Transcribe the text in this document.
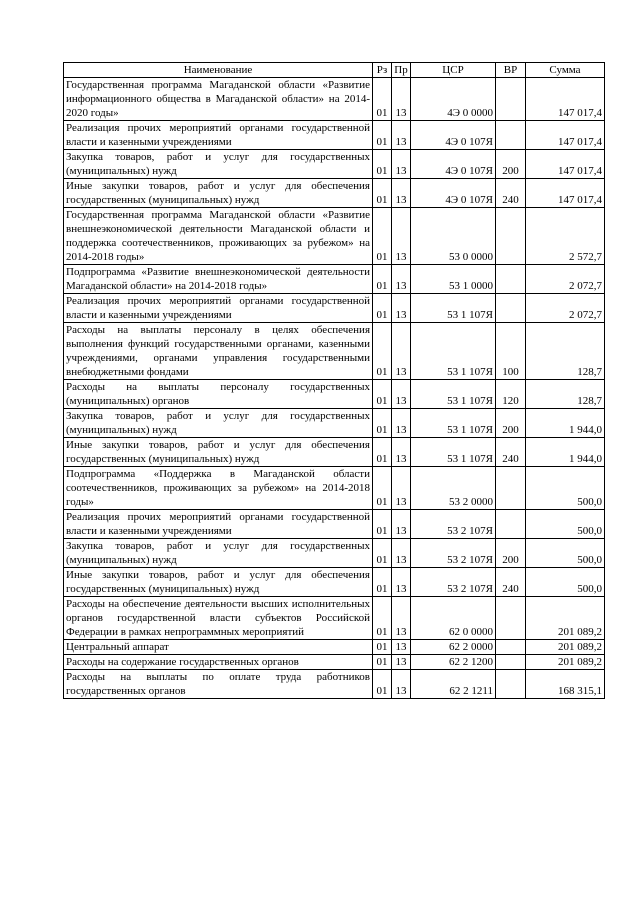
Наименование	Рз	Пр	ЦСР	ВР	Сумма
Государственная программа Магаданской области «Развитие информационного общества в Магаданской области» на 2014-2020 годы»	01	13	4Э 0 0000		147 017,4
Реализация прочих мероприятий органами государственной власти и казенными учреждениями	01	13	4Э 0 107Я		147 017,4
Закупка товаров, работ и услуг для государственных (муниципальных) нужд	01	13	4Э 0 107Я	200	147 017,4
Иные закупки товаров, работ и услуг для обеспечения государственных (муниципальных) нужд	01	13	4Э 0 107Я	240	147 017,4
Государственная программа Магаданской области «Развитие внешнеэкономической деятельности Магаданской области и поддержка соотечественников, проживающих за рубежом» на 2014-2018 годы»	01	13	53 0 0000		2 572,7
Подпрограмма «Развитие внешнеэкономической деятельности Магаданской области» на 2014-2018 годы»	01	13	53 1 0000		2 072,7
Реализация прочих мероприятий органами государственной власти и казенными учреждениями	01	13	53 1 107Я		2 072,7
Расходы на выплаты персоналу в целях обеспечения выполнения функций государственными органами, казенными учреждениями, органами управления государственными внебюджетными фондами	01	13	53 1 107Я	100	128,7
Расходы на выплаты персоналу государственных (муниципальных) органов	01	13	53 1 107Я	120	128,7
Закупка товаров, работ и услуг для государственных (муниципальных) нужд	01	13	53 1 107Я	200	1 944,0
Иные закупки товаров, работ и услуг для обеспечения государственных (муниципальных) нужд	01	13	53 1 107Я	240	1 944,0
Подпрограмма «Поддержка в Магаданской области соотечественников, проживающих за рубежом» на 2014-2018 годы»	01	13	53 2 0000		500,0
Реализация прочих мероприятий органами государственной власти и казенными учреждениями	01	13	53 2 107Я		500,0
Закупка товаров, работ и услуг для государственных (муниципальных) нужд	01	13	53 2 107Я	200	500,0
Иные закупки товаров, работ и услуг для обеспечения государственных (муниципальных) нужд	01	13	53 2 107Я	240	500,0
Расходы на обеспечение деятельности высших исполнительных органов государственной власти субъектов Российской Федерации в рамках непрограммных мероприятий	01	13	62 0 0000		201 089,2
Центральный аппарат	01	13	62 2 0000		201 089,2
Расходы на содержание государственных органов	01	13	62 2 1200		201 089,2
Расходы на выплаты по оплате труда работников государственных органов	01	13	62 2 1211		168 315,1
